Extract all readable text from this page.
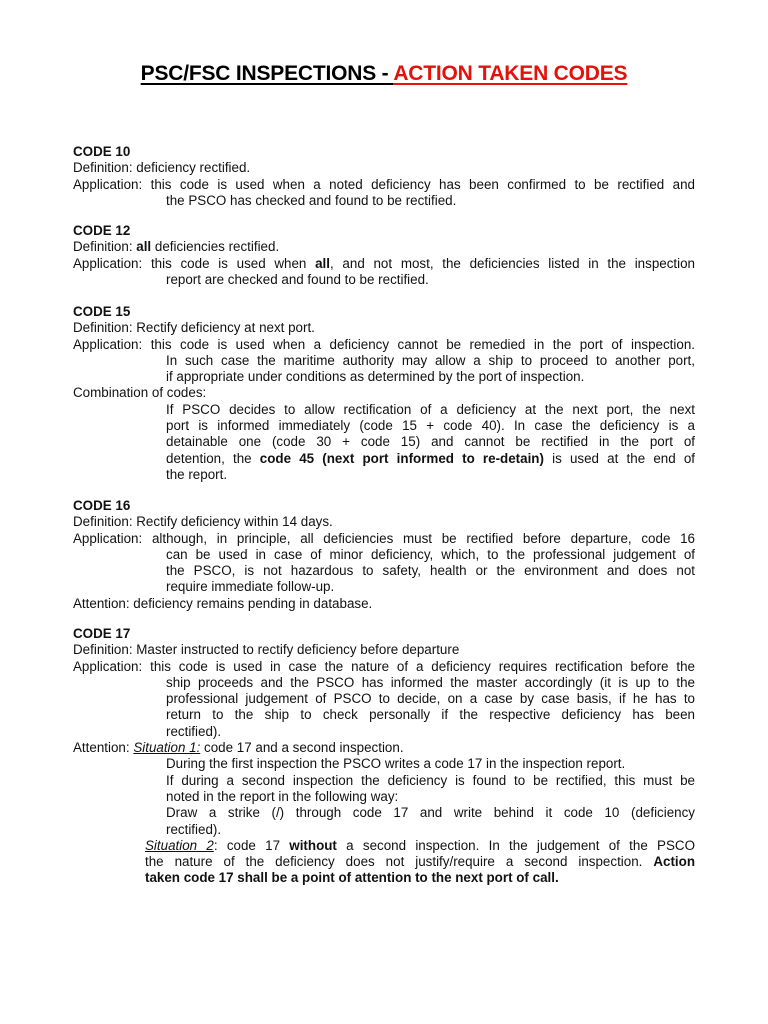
PSC/FSC INSPECTIONS - ACTION TAKEN CODES
CODE 10
Definition: deficiency rectified.
Application: this code is used when a noted deficiency has been confirmed to be rectified and
the PSCO has checked and found to be rectified.
CODE 12
Definition: all deficiencies rectified.
Application: this code is used when all, and not most, the deficiencies listed in the inspection
report are checked and found to be rectified.
CODE 15
Definition: Rectify deficiency at next port.
Application: this code is used when a deficiency cannot be remedied in the port of inspection.
In such case the maritime authority may allow a ship to proceed to another port,
if appropriate under conditions as determined by the port of inspection.
Combination of codes:
If PSCO decides to allow rectification of a deficiency at the next port, the next
port is informed immediately (code 15 + code 40). In case the deficiency is a
detainable one (code 30 + code 15) and cannot be rectified in the port of
detention, the code 45 (next port informed to re-detain) is used at the end of
the report.
CODE 16
Definition: Rectify deficiency within 14 days.
Application: although, in principle, all deficiencies must be rectified before departure, code 16
can be used in case of minor deficiency, which, to the professional judgement of
the PSCO, is not hazardous to safety, health or the environment and does not
require immediate follow-up.
Attention: deficiency remains pending in database.
CODE 17
Definition: Master instructed to rectify deficiency before departure
Application: this code is used in case the nature of a deficiency requires rectification before the
ship proceeds and the PSCO has informed the master accordingly (it is up to the
professional judgement of PSCO to decide, on a case by case basis, if he has to
return to the ship to check personally if the respective deficiency has been
rectified).
Attention: Situation 1: code 17 and a second inspection.
During the first inspection the PSCO writes a code 17 in the inspection report.
If during a second inspection the deficiency is found to be rectified, this must be
noted in the report in the following way:
Draw a strike (/) through code 17 and write behind it code 10 (deficiency
rectified).
Situation 2: code 17 without a second inspection. In the judgement of the PSCO
the nature of the deficiency does not justify/require a second inspection. Action
taken code 17 shall be a point of attention to the next port of call.
